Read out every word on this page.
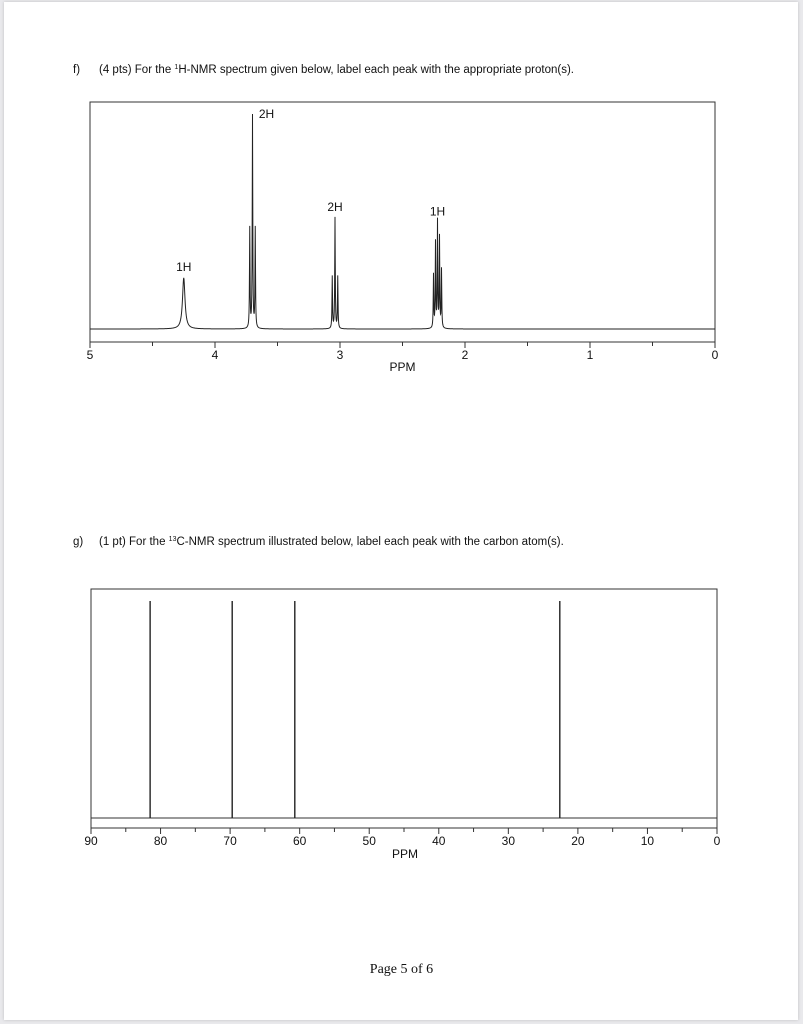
f) (4 pts) For the $^1$H-NMR spectrum given below, label each peak with the appropriate proton(s).
5	4	3	2	1	0
PPM
1H
2H
2H	1H
90	80	70	60	50	40	30	20	10	0
PPM
g) (1 pt) For the $^{13}$C-NMR spectrum illustrated below, label each peak with the carbon atom(s).
Page 5 of 6
